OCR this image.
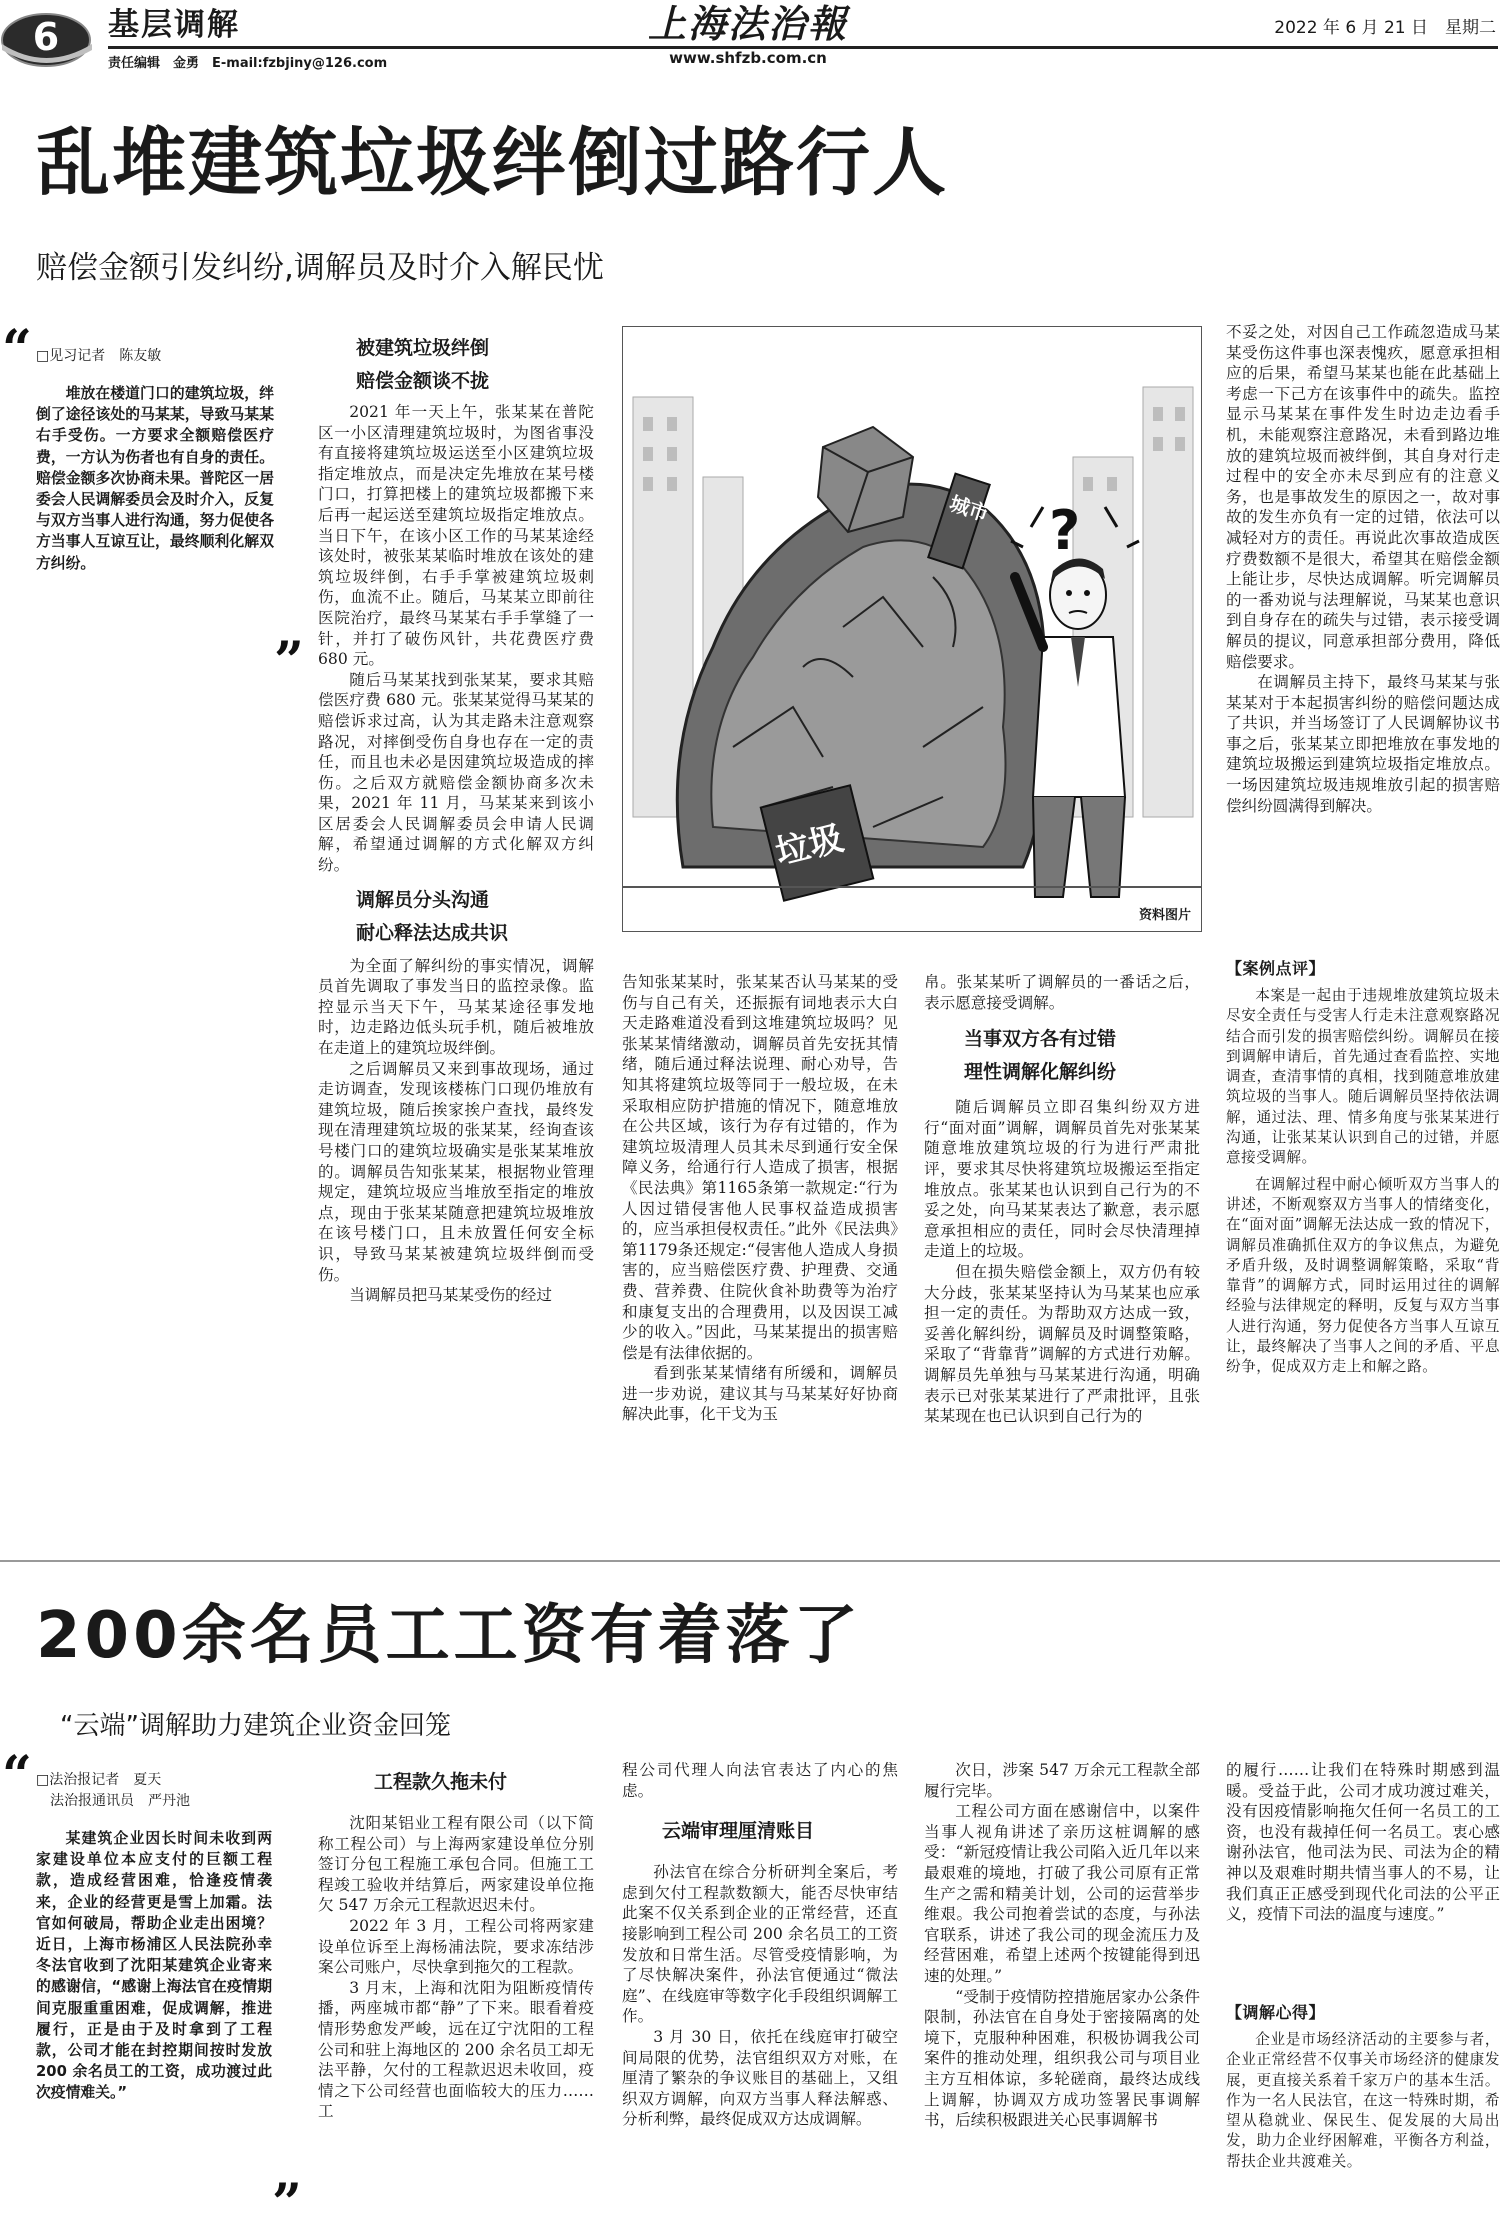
6 基层调解
责任编辑　金勇　E-mail:fzbjiny@126.com
上海法治報
www.shfzb.com.cn
2022 年 6 月 21 日　星期二
乱堆建筑垃圾绊倒过路行人
赔偿金额引发纠纷,调解员及时介入解民忧
“ □见习记者　陈友敏

堆放在楼道门口的建筑垃圾，绊倒了途径该处的马某某，导致马某某右手受伤。一方要求全额赔偿医疗费，一方认为伤者也有自身的责任。赔偿金额多次协商未果。普陀区一居委会人民调解委员会及时介入，反复与双方当事人进行沟通，努力促使各方当事人互谅互让，最终顺利化解双方纠纷。

”
被建筑垃圾绊倒
赔偿金额谈不拢

2021 年一天上午，张某某在普陀区一小区清理建筑垃圾时，为图省事没有直接将建筑垃圾运送至小区建筑垃圾指定堆放点，而是决定先堆放在某号楼门口，打算把楼上的建筑垃圾都搬下来后再一起运送至建筑垃圾指定堆放点。当日下午，在该小区工作的马某某途经该处时，被张某某临时堆放在该处的建筑垃圾绊倒，右手手掌被建筑垃圾刺伤，血流不止。随后，马某某立即前往医院治疗，最终马某某右手手掌缝了一针，并打了破伤风针，共花费医疗费 680 元。

随后马某某找到张某某，要求其赔偿医疗费 680 元。张某某觉得马某某的赔偿诉求过高，认为其走路未注意观察路况，对摔倒受伤自身也存在一定的责任，而且也未必是因建筑垃圾造成的摔伤。之后双方就赔偿金额协商多次未果，2021 年 11 月，马某某来到该小区居委会人民调解委员会申请人民调解，希望通过调解的方式化解双方纠纷。

调解员分头沟通
耐心释法达成共识

为全面了解纠纷的事实情况，调解员首先调取了事发当日的监控录像。监控显示当天下午，马某某途径事发地时，边走路边低头玩手机，随后被堆放在走道上的建筑垃圾绊倒。

之后调解员又来到事故现场，通过走访调查，发现该楼栋门口现仍堆放有建筑垃圾，随后挨家挨户查找，最终发现在清理建筑垃圾的张某某，经询查该号楼门口的建筑垃圾确实是张某某堆放的。调解员告知张某某，根据物业管理规定，建筑垃圾应当堆放至指定的堆放点，现由于张某某随意把建筑垃圾堆放在该号楼门口，且未放置任何安全标识，导致马某某被建筑垃圾绊倒而受伤。

当调解员把马某某受伤的经过

城市
垃圾
?
资料图片

告知张某某时，张某某否认马某某的受伤与自己有关，还振振有词地表示大白天走路难道没看到这堆建筑垃圾吗？见张某某情绪激动，调解员首先安抚其情绪，随后通过释法说理、耐心劝导，告知其将建筑垃圾等同于一般垃圾，在未采取相应防护措施的情况下，随意堆放在公共区域，该行为存有过错的，作为建筑垃圾清理人员其未尽到通行安全保障义务，给通行行人造成了损害，根据《民法典》第1165条第一款规定:“行为人因过错侵害他人民事权益造成损害的，应当承担侵权责任。”此外《民法典》第1179条还规定:“侵害他人造成人身损害的，应当赔偿医疗费、护理费、交通费、营养费、住院伙食补助费等为治疗和康复支出的合理费用，以及因误工减少的收入。”因此，马某某提出的损害赔偿是有法律依据的。

看到张某某情绪有所缓和，调解员进一步劝说，建议其与马某某好好协商解决此事，化干戈为玉

帛。张某某听了调解员的一番话之后，表示愿意接受调解。

当事双方各有过错
理性调解化解纠纷

随后调解员立即召集纠纷双方进行“面对面”调解，调解员首先对张某某随意堆放建筑垃圾的行为进行严肃批评，要求其尽快将建筑垃圾搬运至指定堆放点。张某某也认识到自己行为的不妥之处，向马某某表达了歉意，表示愿意承担相应的责任，同时会尽快清理掉走道上的垃圾。

但在损失赔偿金额上，双方仍有较大分歧，张某某坚持认为马某某也应承担一定的责任。为帮助双方达成一致，妥善化解纠纷，调解员及时调整策略，采取了“背靠背”调解的方式进行劝解。调解员先单独与马某某进行沟通，明确表示已对张某某进行了严肃批评，且张某某现在也已认识到自己行为的

不妥之处，对因自己工作疏忽造成马某某受伤这件事也深表愧疚，愿意承担相应的后果，希望马某某也能在此基础上考虑一下己方在该事件中的疏失。监控显示马某某在事件发生时边走边看手机，未能观察注意路况，未看到路边堆放的建筑垃圾而被绊倒，其自身对行走过程中的安全亦未尽到应有的注意义务，也是事故发生的原因之一，故对事故的发生亦负有一定的过错，依法可以减轻对方的责任。再说此次事故造成医疗费数额不是很大，希望其在赔偿金额上能让步，尽快达成调解。听完调解员的一番劝说与法理解说，马某某也意识到自身存在的疏失与过错，表示接受调解员的提议，同意承担部分费用，降低赔偿要求。

在调解员主持下，最终马某某与张某某对于本起损害纠纷的赔偿问题达成了共识，并当场签订了人民调解协议书事之后，张某某立即把堆放在事发地的建筑垃圾搬运到建筑垃圾指定堆放点。一场因建筑垃圾违规堆放引起的损害赔偿纠纷圆满得到解决。

【案例点评】

本案是一起由于违规堆放建筑垃圾未尽安全责任与受害人行走未注意观察路况结合而引发的损害赔偿纠纷。调解员在接到调解申请后，首先通过查看监控、实地调查，查清事情的真相，找到随意堆放建筑垃圾的当事人。随后调解员坚持依法调解，通过法、理、情多角度与张某某进行沟通，让张某某认识到自己的过错，并愿意接受调解。

在调解过程中耐心倾听双方当事人的讲述，不断观察双方当事人的情绪变化，在“面对面”调解无法达成一致的情况下，调解员准确抓住双方的争议焦点，为避免矛盾升级，及时调整调解策略，采取“背靠背”的调解方式，同时运用过往的调解经验与法律规定的释明，反复与双方当事人进行沟通，努力促使各方当事人互谅互让，最终解决了当事人之间的矛盾、平息纷争，促成双方走上和解之路。

200余名员工工资有着落了
“云端”调解助力建筑企业资金回笼
“ □法治报记者　夏天

法治报通讯员　严丹池

某建筑企业因长时间未收到两家建设单位本应支付的巨额工程款，造成经营困难，恰逢疫情袭来，企业的经营更是雪上加霜。法官如何破局，帮助企业走出困境？近日，上海市杨浦区人民法院孙幸冬法官收到了沈阳某建筑企业寄来的感谢信，“感谢上海法官在疫情期间克服重重困难，促成调解，推进履行，正是由于及时拿到了工程款，公司才能在封控期间按时发放 200 余名员工的工资，成功渡过此次疫情难关。”

”
工程款久拖未付

沈阳某铝业工程有限公司（以下简称工程公司）与上海两家建设单位分别签订分包工程施工承包合同。但施工工程竣工验收并结算后，两家建设单位拖欠 547 万余元工程款迟迟未付。

2022 年 3 月，工程公司将两家建设单位诉至上海杨浦法院，要求冻结涉案公司账户，尽快拿到拖欠的工程款。

3 月末，上海和沈阳为阻断疫情传播，两座城市都“静”了下来。眼看着疫情形势愈发严峻，远在辽宁沈阳的工程公司和驻上海地区的 200 余名员工却无法平静，欠付的工程款迟迟未收回，疫情之下公司经营也面临较大的压力……工

程公司代理人向法官表达了内心的焦虑。

云端审理厘清账目

孙法官在综合分析研判全案后，考虑到欠付工程款数额大，能否尽快审结此案不仅关系到企业的正常经营，还直接影响到工程公司 200 余名员工的工资发放和日常生活。尽管受疫情影响，为了尽快解决案件，孙法官便通过“微法庭”、在线庭审等数字化手段组织调解工作。

3 月 30 日，依托在线庭审打破空间局限的优势，法官组织双方对账，在厘清了繁杂的争议账目的基础上，又组织双方调解，向双方当事人释法解惑、分析利弊，最终促成双方达成调解。

次日，涉案 547 万余元工程款全部履行完毕。

工程公司方面在感谢信中，以案件当事人视角讲述了亲历这桩调解的感受：“新冠疫情让我公司陷入近几年以来最艰难的境地，打破了我公司原有正常生产之需和精美计划，公司的运营举步维艰。我公司抱着尝试的态度，与孙法官联系，讲述了我公司的现金流压力及经营困难，希望上述两个按键能得到迅速的处理。”

“受制于疫情防控措施居家办公条件限制，孙法官在自身处于密接隔离的处境下，克服种种困难，积极协调我公司案件的推动处理，组织我公司与项目业主方互相体谅，多轮磋商，最终达成线上调解，协调双方成功签署民事调解书，后续积极跟进关心民事调解书

的履行……让我们在特殊时期感到温暖。受益于此，公司才成功渡过难关，没有因疫情影响拖欠任何一名员工的工资，也没有裁掉任何一名员工。衷心感谢孙法官，他司法为民、司法为企的精神以及艰难时期共情当事人的不易，让我们真正正感受到现代化司法的公平正义，疫情下司法的温度与速度。”

【调解心得】

企业是市场经济活动的主要参与者，企业正常经营不仅事关市场经济的健康发展，更直接关系着千家万户的基本生活。作为一名人民法官，在这一特殊时期，希望从稳就业、保民生、促发展的大局出发，助力企业纾困解难，平衡各方利益，帮扶企业共渡难关。
